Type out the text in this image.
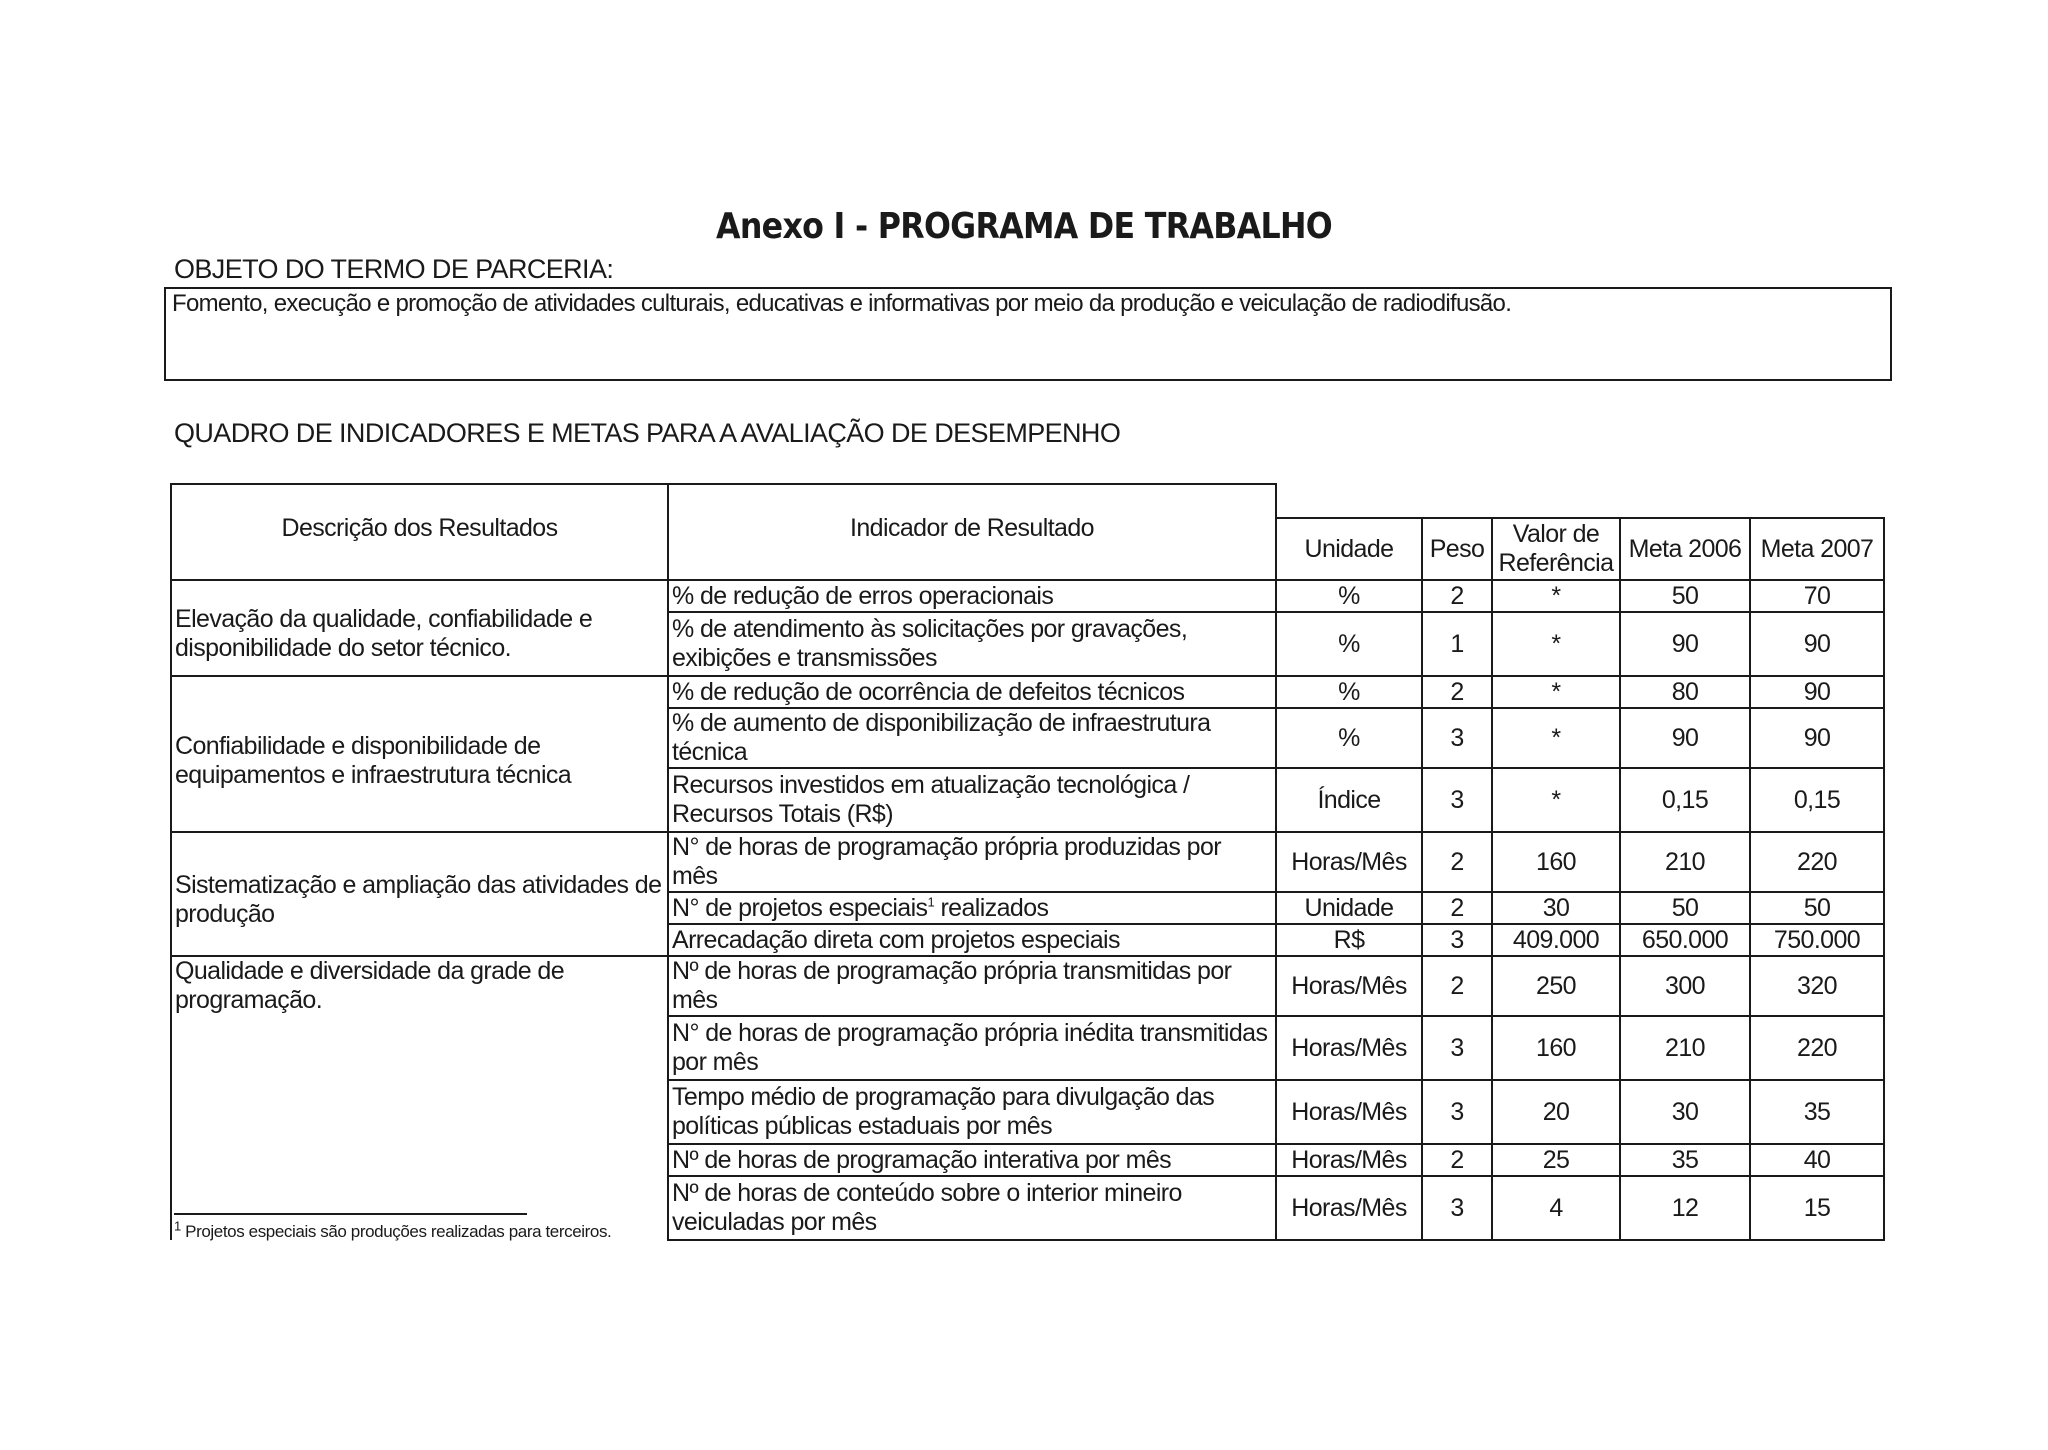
Anexo I - PROGRAMA DE TRABALHO
OBJETO DO TERMO DE PARCERIA:
Fomento, execução e promoção de atividades culturais, educativas e informativas por meio da produção e veiculação de radiodifusão.
QUADRO DE INDICADORES E METAS PARA A AVALIAÇÃO DE DESEMPENHO
Descrição dos Resultados	Indicador de Resultado					
		Unidade	Peso	Valor de Referência	Meta 2006	Meta 2007
Elevação da qualidade, confiabilidade e disponibilidade do setor técnico.	% de redução de erros operacionais	%	2	*	50	70
	% de atendimento às solicitações por gravações, exibições e transmissões	%	1	*	90	90
Confiabilidade e disponibilidade de equipamentos e infraestrutura técnica	% de redução de ocorrência de defeitos técnicos	%	2	*	80	90
	% de aumento de disponibilização de infraestrutura técnica	%	3	*	90	90
	Recursos investidos em atualização tecnológica / Recursos Totais (R$)	Índice	3	*	0,15	0,15
Sistematização e ampliação das atividades de produção	N° de horas de programação própria produzidas por mês	Horas/Mês	2	160	210	220
	N° de projetos especiais$^1$ realizados	Unidade	2	30	50	50
	Arrecadação direta com projetos especiais	R$	3	409.000	650.000	750.000
Qualidade e diversidade da grade de programação.	Nº de horas de programação própria transmitidas por mês	Horas/Mês	2	250	300	320
	N° de horas de programação própria inédita transmitidas por mês	Horas/Mês	3	160	210	220
	Tempo médio de programação para divulgação das políticas públicas estaduais por mês	Horas/Mês	3	20	30	35
	Nº de horas de programação interativa por mês	Horas/Mês	2	25	35	40
	Nº de horas de conteúdo sobre o interior mineiro veiculadas por mês	Horas/Mês	3	4	12	15
$^1$ Projetos especiais são produções realizadas para terceiros.
